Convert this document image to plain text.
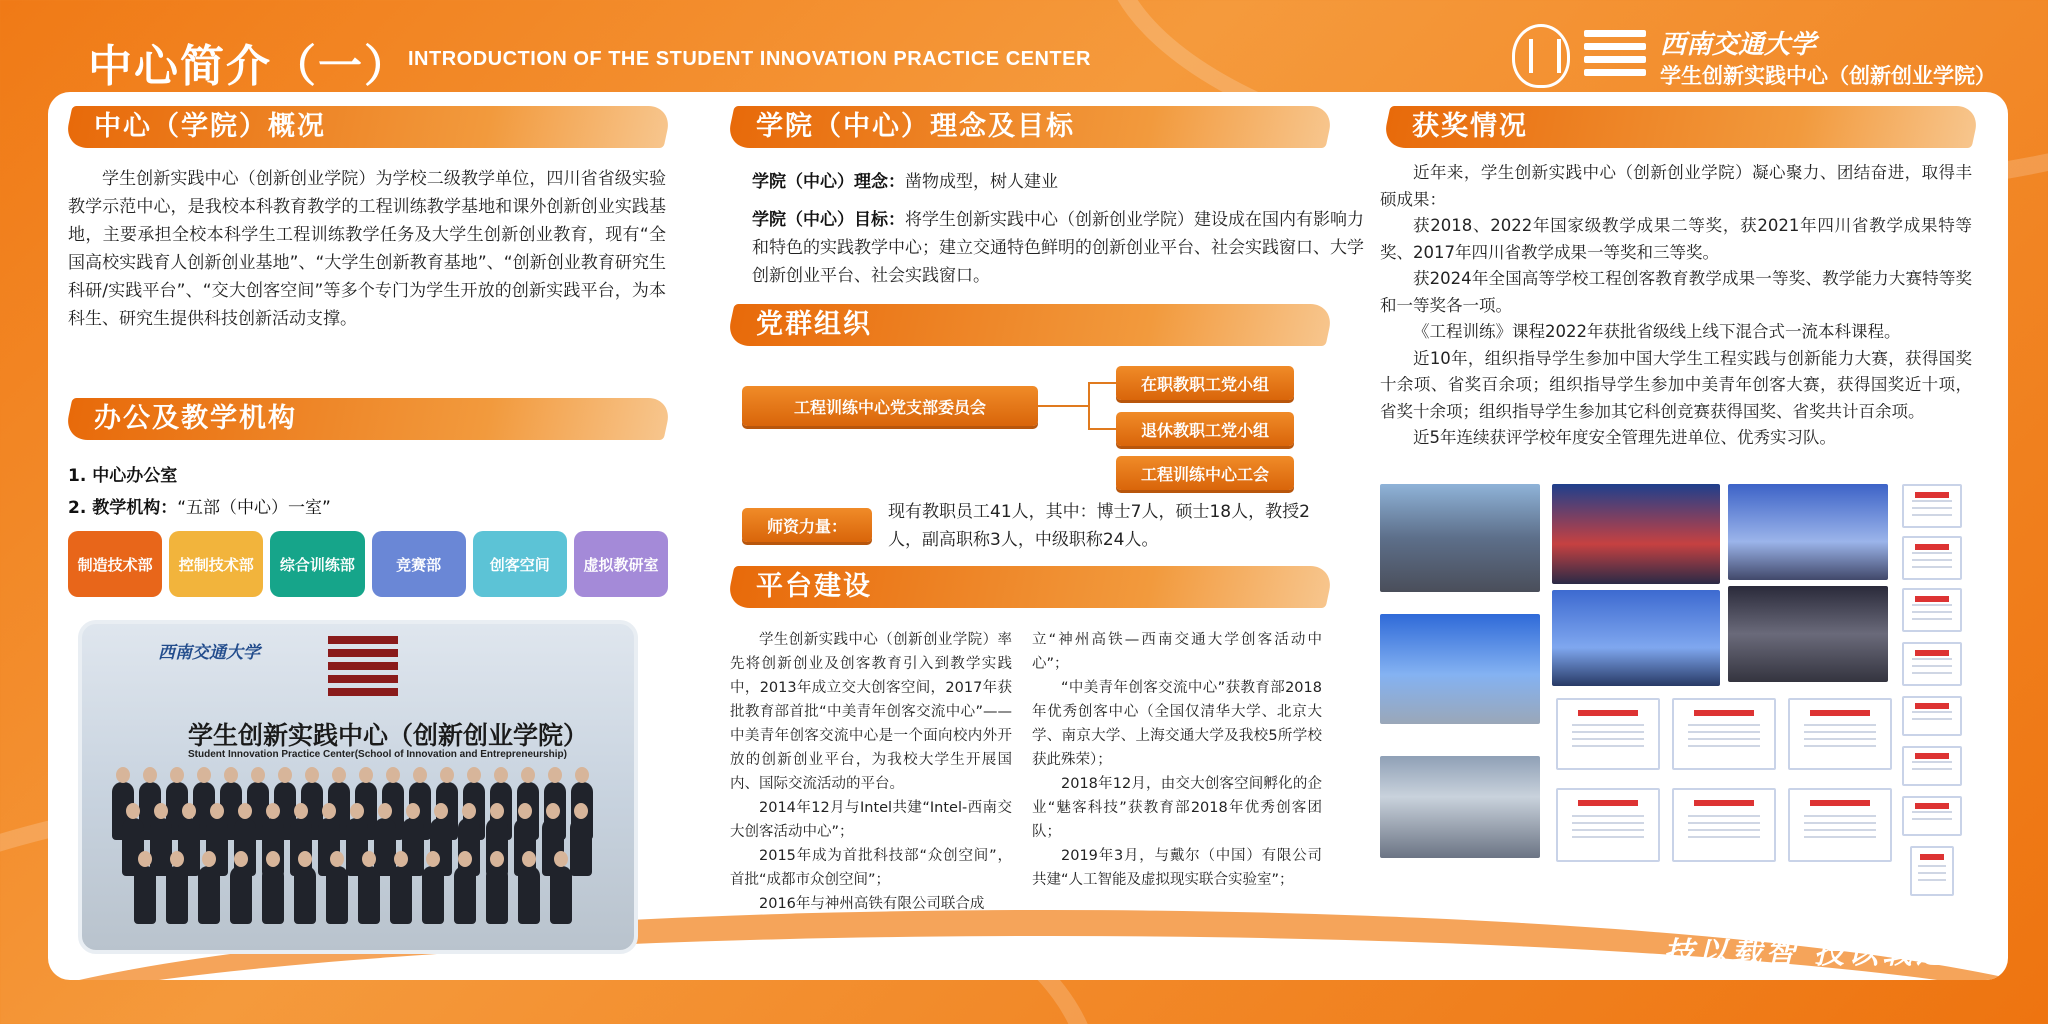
中心简介（一）
INTRODUCTION OF THE STUDENT INNOVATION PRACTICE CENTER	西南交通大学
学生创新实践中心（创新创业学院）
中心（学院）概况

学生创新实践中心（创新创业学院）为学校二级教学单位，四川省省级实验教学示范中心，是我校本科教育教学的工程训练教学基地和课外创新创业实践基地，主要承担全校本科学生工程训练教学任务及大学生创新创业教育，现有“全国高校实践育人创新创业基地”、“大学生创新教育基地”、“创新创业教育研究生科研/实践平台”、“交大创客空间”等多个专门为学生开放的创新实践平台，为本科生、研究生提供科技创新活动支撑。

办公及教学机构
1. 中心办公室
2. 教学机构：“五部（中心）一室”
制造技术部	控制技术部	综合训练部	竞赛部	创客空间	虚拟教研室
西南交通大学
学生创新实践中心（创新创业学院）
Student Innovation Practice Center(School of Innovation and Entrepreneurship)
学院（中心）理念及目标
学院（中心）理念：凿物成型，树人建业
学院（中心）目标：将学生创新实践中心（创新创业学院）建设成在国内有影响力和特色的实践教学中心；建立交通特色鲜明的创新创业平台、社会实践窗口、大学创新创业平台、社会实践窗口。
党群组织
工程训练中心党支部委员会
在职教职工党小组
退休教职工党小组
工程训练中心工会
师资力量：
现有教职员工41人，其中：博士7人，硕士18人，教授2人，副高职称3人，中级职称24人。
平台建设

学生创新实践中心（创新创业学院）率先将创新创业及创客教育引入到教学实践中，2013年成立交大创客空间，2017年获批教育部首批“中美青年创客交流中心”——中美青年创客交流中心是一个面向校内外开放的创新创业平台，为我校大学生开展国内、国际交流活动的平台。

2014年12月与Intel共建“Intel-西南交大创客活动中心”；

2015年成为首批科技部“众创空间”，首批“成都市众创空间”；

2016年与神州高铁有限公司联合成

立“神州高铁—西南交通大学创客活动中心”；

“中美青年创客交流中心”获教育部2018年优秀创客中心（全国仅清华大学、北京大学、南京大学、上海交通大学及我校5所学校获此殊荣）；

2018年12月，由交大创客空间孵化的企业“魅客科技”获教育部2018年优秀创客团队；

2019年3月，与戴尔（中国）有限公司共建“人工智能及虚拟现实联合实验室”；

获奖情况

近年来，学生创新实践中心（创新创业学院）凝心聚力、团结奋进，取得丰硕成果：

获2018、2022年国家级教学成果二等奖，获2021年四川省教学成果特等奖、2017年四川省教学成果一等奖和三等奖。

获2024年全国高等学校工程创客教育教学成果一等奖、教学能力大赛特等奖和一等奖各一项。

《工程训练》课程2022年获批省级线上线下混合式一流本科课程。

近10年，组织指导学生参加中国大学生工程实践与创新能力大赛，获得国奖十余项、省奖百余项；组织指导学生参加中美青年创客大赛，获得国奖近十项，省奖十余项；组织指导学生参加其它科创竞赛获得国奖、省奖共计百余项。

近5年连续获评学校年度安全管理先进单位、优秀实习队。

技以载智 技以载道
